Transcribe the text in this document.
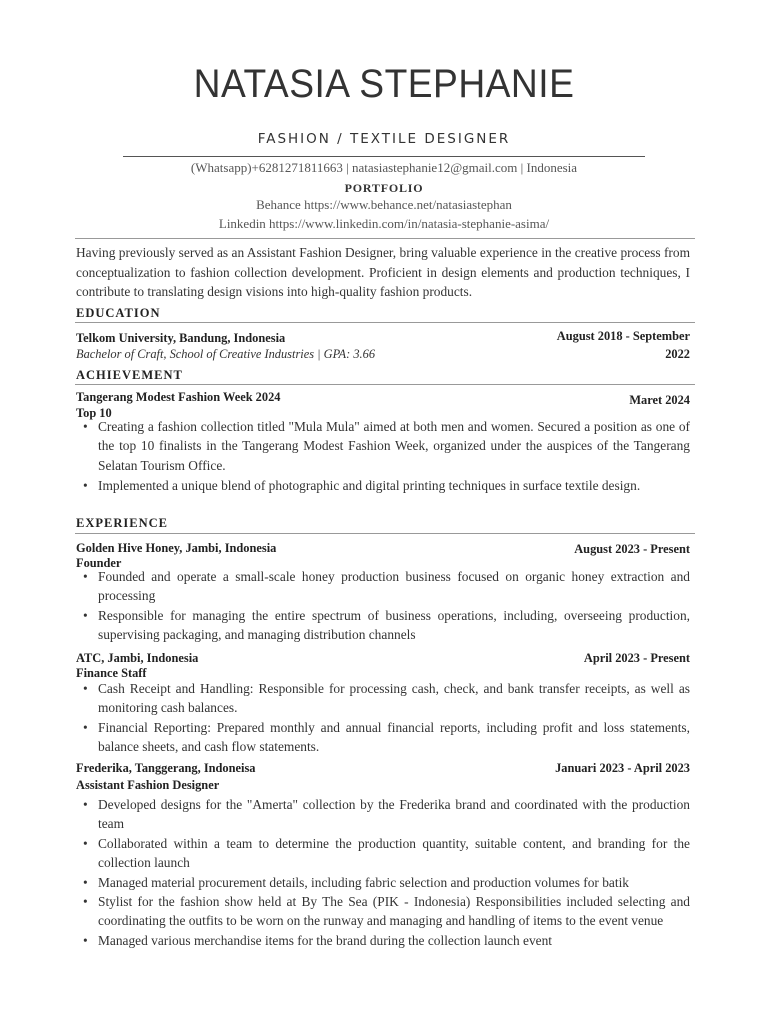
NATASIA STEPHANIE
FASHION / TEXTILE DESIGNER
(Whatsapp)+6281271811663 | natasiastephanie12@gmail.com | Indonesia
PORTFOLIO
Behance https://www.behance.net/natasiastephan
Linkedin https://www.linkedin.com/in/natasia-stephanie-asima/
Having previously served as an Assistant Fashion Designer, bring valuable experience in the creative process from conceptualization to fashion collection development. Proficient in design elements and production techniques, I contribute to translating design visions into high-quality fashion products.
EDUCATION
Telkom University, Bandung, Indonesia
Bachelor of Craft, School of Creative Industries | GPA: 3.66
August 2018 - September
2022
ACHIEVEMENT
Tangerang Modest Fashion Week 2024
Top 10
Maret 2024
• Creating a fashion collection titled "Mula Mula" aimed at both men and women. Secured a position as one of the top 10 finalists in the Tangerang Modest Fashion Week, organized under the auspices of the Tangerang Selatan Tourism Office.
• Implemented a unique blend of photographic and digital printing techniques in surface textile design.
EXPERIENCE
Golden Hive Honey, Jambi, Indonesia
Founder
August 2023 - Present
• Founded and operate a small-scale honey production business focused on organic honey extraction and processing
• Responsible for managing the entire spectrum of business operations, including, overseeing production, supervising packaging, and managing distribution channels
ATC, Jambi, Indonesia
Finance Staff
April 2023 - Present
• Cash Receipt and Handling: Responsible for processing cash, check, and bank transfer receipts, as well as monitoring cash balances.
• Financial Reporting: Prepared monthly and annual financial reports, including profit and loss statements, balance sheets, and cash flow statements.
Frederika, Tanggerang, Indoneisa
Assistant Fashion Designer
Januari 2023 - April 2023
• Developed designs for the "Amerta" collection by the Frederika brand and coordinated with the production team
• Collaborated within a team to determine the production quantity, suitable content, and branding for the collection launch
• Managed material procurement details, including fabric selection and production volumes for batik
• Stylist for the fashion show held at By The Sea (PIK - Indonesia) Responsibilities included selecting and coordinating the outfits to be worn on the runway and managing and handling of items to the event venue
• Managed various merchandise items for the brand during the collection launch event
